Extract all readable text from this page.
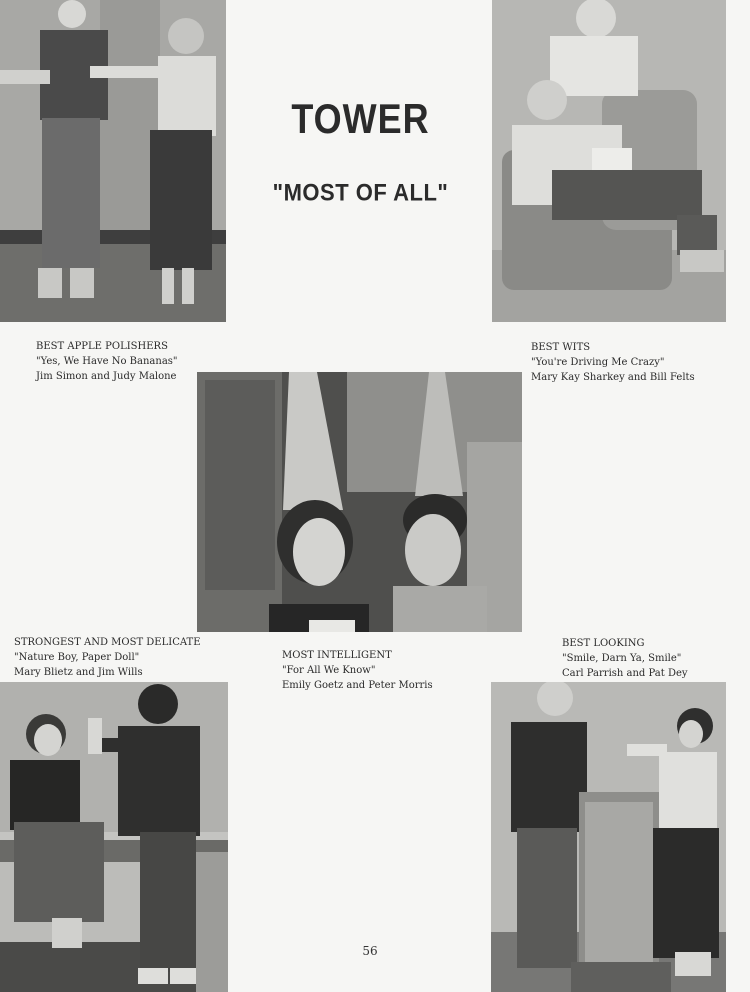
TOWER
"MOST OF ALL"
BEST APPLE POLISHERS
"Yes, We Have No Bananas"
Jim Simon and Judy Malone
BEST WITS
"You're Driving Me Crazy"
Mary Kay Sharkey and Bill Felts
STRONGEST AND MOST DELICATE
"Nature Boy, Paper Doll"
Mary Blietz and Jim Wills
MOST INTELLIGENT
"For All We Know"
Emily Goetz and Peter Morris
BEST LOOKING
"Smile, Darn Ya, Smile"
Carl Parrish and Pat Dey
56
